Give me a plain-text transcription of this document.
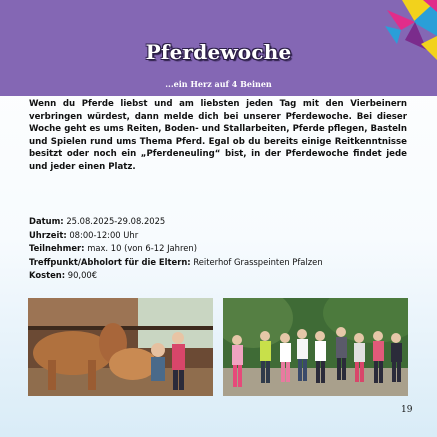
Pferdewoche
...ein Herz auf 4 Beinen

Wenn du Pferde liebst und am liebsten jeden Tag mit den Vierbeinern verbringen würdest, dann melde dich bei unserer Pferdewoche. Bei dieser Woche geht es ums Reiten, Boden- und Stallarbeiten, Pferde pflegen, Basteln und Spielen rund ums Thema Pferd. Egal ob du bereits einige Reitkenntnisse besitzt oder noch ein „Pferdeneuling“ bist, in der Pferdewoche findet jede und jeder einen Platz.

Datum: 25.08.2025-29.08.2025
Uhrzeit: 08:00-12:00 Uhr
Teilnehmer: max. 10 (von 6-12 Jahren)
Treffpunkt/Abholort für die Eltern: Reiterhof Grasspeinten Pfalzen
Kosten: 90,00€
19
